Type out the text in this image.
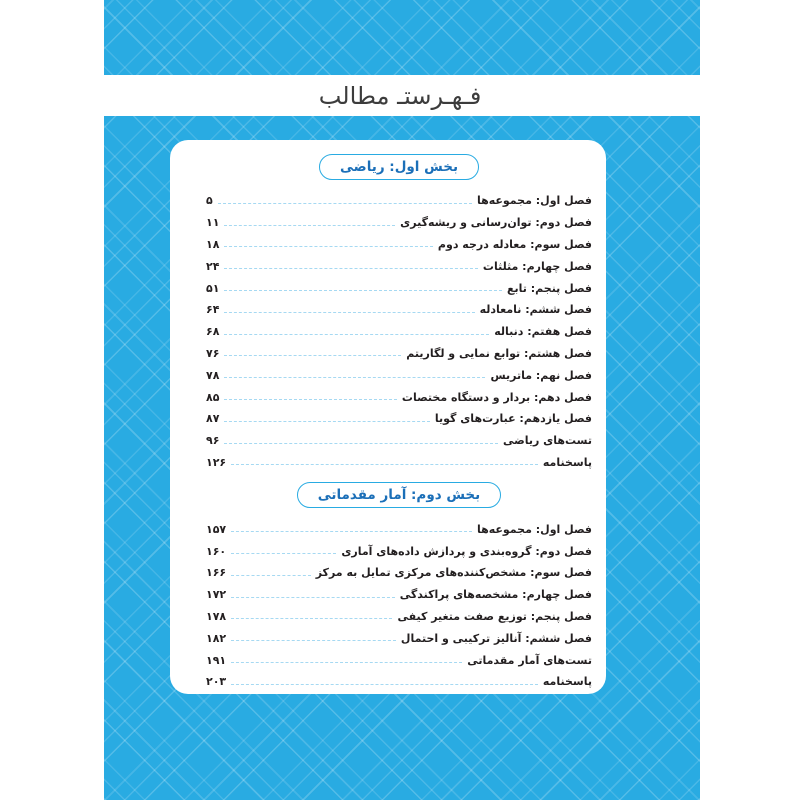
فـهـرستـ مطالب
بخش اول: ریاضی
فصل اول: مجموعه‌ها
۵
فصل دوم: توان‌رسانی و ریشه‌گیری
۱۱
فصل سوم: معادله درجه دوم
۱۸
فصل چهارم: مثلثات
۲۴
فصل پنجم: تابع
۵۱
فصل ششم: نامعادله
۶۴
فصل هفتم: دنباله
۶۸
فصل هشتم: توابع نمایی و لگاریتم
۷۶
فصل نهم: ماتریس
۷۸
فصل دهم: بردار و دستگاه مختصات
۸۵
فصل یازدهم: عبارت‌های گویا
۸۷
تست‌های ریاضی
۹۶
پاسخنامه
۱۲۶
بخش دوم: آمار مقدماتی
فصل اول: مجموعه‌ها
۱۵۷
فصل دوم: گروه‌بندی و پردازش داده‌های آماری
۱۶۰
فصل سوم: مشخص‌کننده‌های مرکزی تمایل به مرکز
۱۶۶
فصل چهارم: مشخصه‌های پراکندگی
۱۷۲
فصل پنجم: توزیع صفت متغیر کیفی
۱۷۸
فصل ششم: آنالیز ترکیبی و احتمال
۱۸۲
تست‌های آمار مقدماتی
۱۹۱
پاسخنامه
۲۰۳
